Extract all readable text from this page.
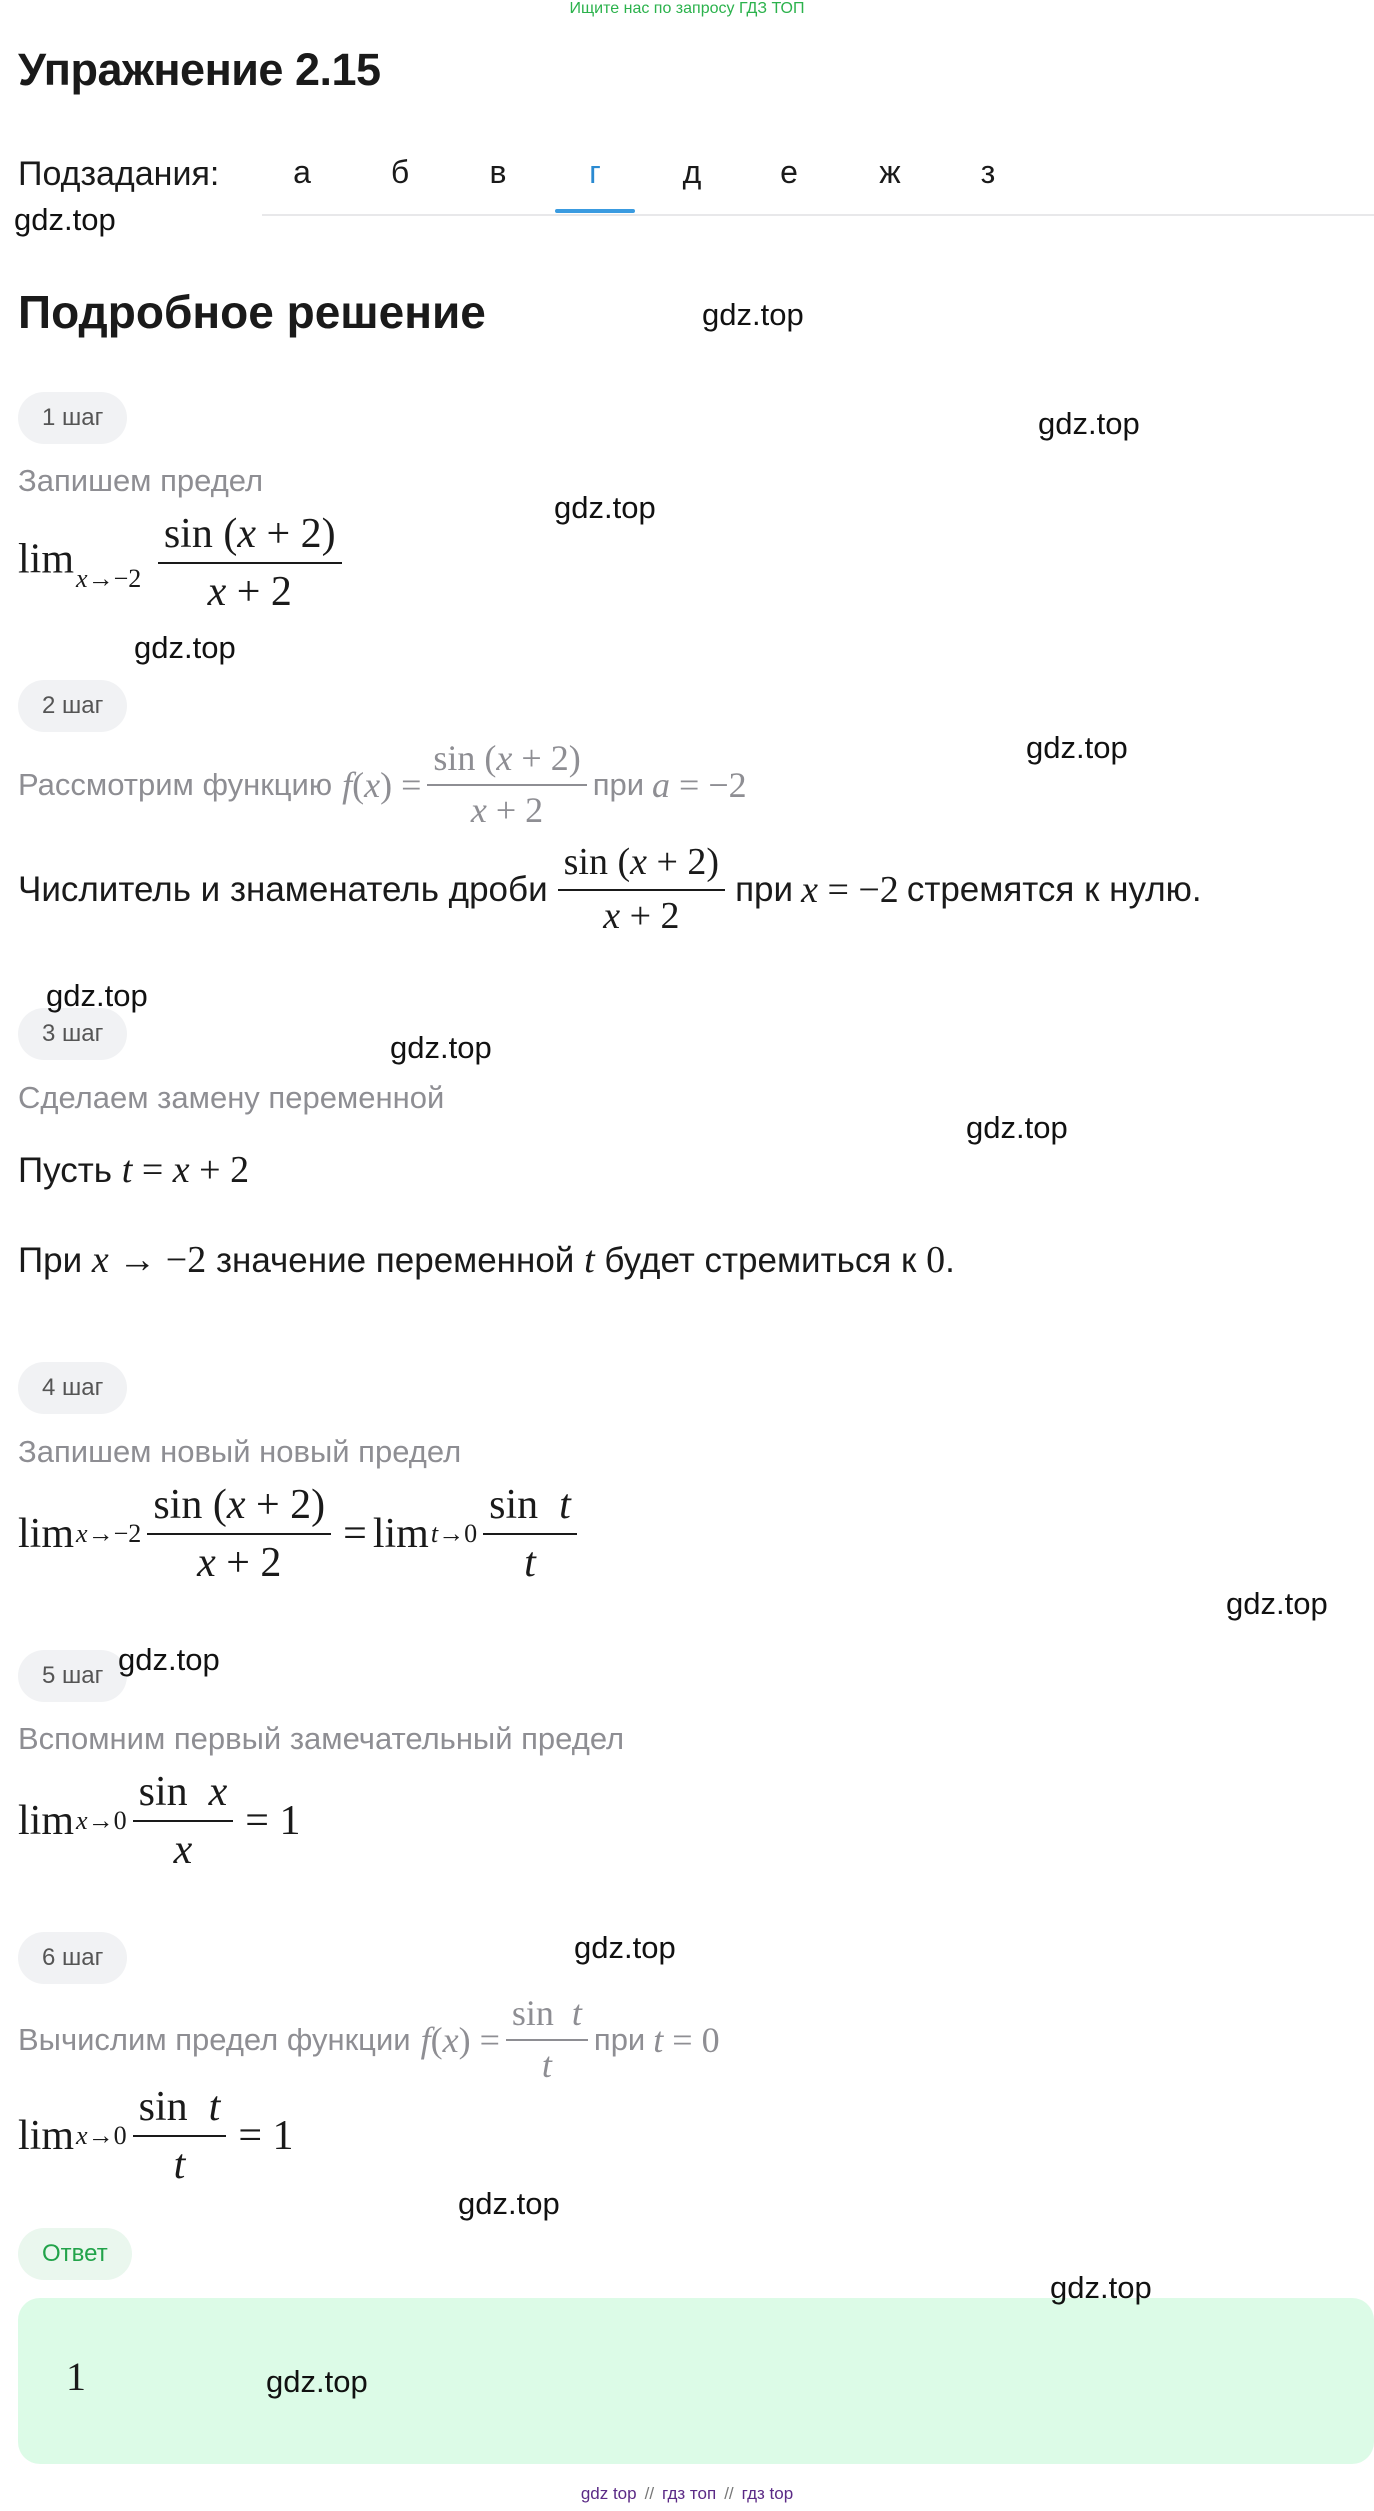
Ищите нас по запросу ГДЗ ТОП
Упражнение 2.15
Подзадания:	а	б	в	г	д	е	ж	з
Подробное решение
1 шаг
Запишем предел
$\lim_{x\to-2} \frac{\sin (x + 2)}{x + 2}$
2 шаг
Рассмотрим функцию $f(x) = \frac{\sin (x + 2)}{x + 2}$ при a = −2
Числитель и знаменатель дроби $\frac{\sin (x + 2)}{x + 2}$ при x = −2 стремятся к нулю.
3 шаг
Сделаем замену переменной
Пусть t = x + 2
При x → −2 значение переменной t будет стремиться к 0.
4 шаг
Запишем новый новый предел
$\lim x\to-2 \frac{\sin (x + 2)}{x + 2} = \lim t\to 0 \frac{\text{sin  t}}{t}$
5 шаг
Вспомним первый замечательный предел
$\lim x\to 0 \frac{\text{sin  x}}{x} = 1$
6 шаг
Вычислим предел функции $f(x) = \frac{\text{sin  t}}{t}$ при t = 0
$\lim x\to 0 \frac{\text{sin  t}}{t} = 1$
Ответ
1
gdz.top
gdz.top
gdz.top
gdz.top
gdz.top
gdz.top
gdz.top
gdz.top
gdz.top
gdz.top
gdz.top
gdz.top
gdz.top
gdz.top
gdz.top
gdz top // гдз топ // гдз top
